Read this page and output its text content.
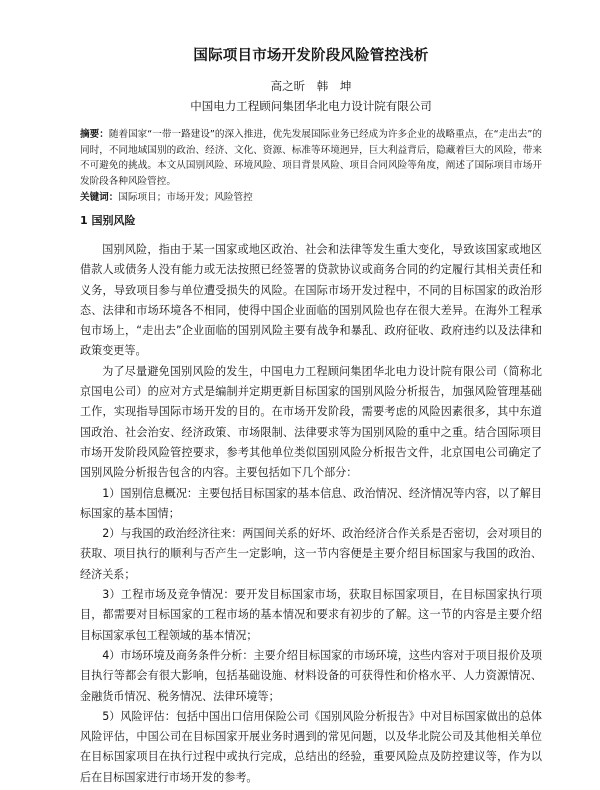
国际项目市场开发阶段风险管控浅析
高之昕 韩 坤
中国电力工程顾问集团华北电力设计院有限公司
摘要：随着国家“一带一路建设”的深入推进，优先发展国际业务已经成为许多企业的战略重点，在“走出去”的同时，不同地域国别的政治、经济、文化、资源、标准等环境迥异，巨大利益背后，隐藏着巨大的风险，带来不可避免的挑战。本文从国别风险、环境风险、项目背景风险、项目合同风险等角度，阐述了国际项目市场开发阶段各种风险管控。
关键词：国际项目；市场开发；风险管控
1 国别风险

国别风险，指由于某一国家或地区政治、社会和法律等发生重大变化，导致该国家或地区借款人或债务人没有能力或无法按照已经签署的贷款协议或商务合同的约定履行其相关责任和义务，导致项目参与单位遭受损失的风险。在国际市场开发过程中，不同的目标国家的政治形态、法律和市场环境各不相同，使得中国企业面临的国别风险也存在很大差异。在海外工程承包市场上，“走出去”企业面临的国别风险主要有战争和暴乱、政府征收、政府违约以及法律和政策变更等。

为了尽量避免国别风险的发生，中国电力工程顾问集团华北电力设计院有限公司（简称北京国电公司）的应对方式是编制并定期更新目标国家的国别风险分析报告，加强风险管理基础工作，实现指导国际市场开发的目的。在市场开发阶段，需要考虑的风险因素很多，其中东道国政治、社会治安、经济政策、市场限制、法律要求等为国别风险的重中之重。结合国际项目市场开发阶段风险管控要求，参考其他单位类似国别风险分析报告文件，北京国电公司确定了国别风险分析报告包含的内容。主要包括如下几个部分：

1）国别信息概况：主要包括目标国家的基本信息、政治情况、经济情况等内容，以了解目标国家的基本国情；

2）与我国的政治经济往来：两国间关系的好坏、政治经济合作关系是否密切，会对项目的获取、项目执行的顺利与否产生一定影响，这一节内容便是主要介绍目标国家与我国的政治、经济关系；

3）工程市场及竞争情况：要开发目标国家市场，获取目标国家项目，在目标国家执行项目，都需要对目标国家的工程市场的基本情况和要求有初步的了解。这一节的内容是主要介绍目标国家承包工程领域的基本情况；

4）市场环境及商务条件分析：主要介绍目标国家的市场环境，这些内容对于项目报价及项目执行等都会有很大影响，包括基础设施、材料设备的可获得性和价格水平、人力资源情况、金融货币情况、税务情况、法律环境等；

5）风险评估：包括中国出口信用保险公司《国别风险分析报告》中对目标国家做出的总体风险评估，中国公司在目标国家开展业务时遇到的常见问题，以及华北院公司及其他相关单位在目标国家项目在执行过程中或执行完成，总结出的经验，重要风险点及防控建议等，作为以后在目标国家进行市场开发的参考。
